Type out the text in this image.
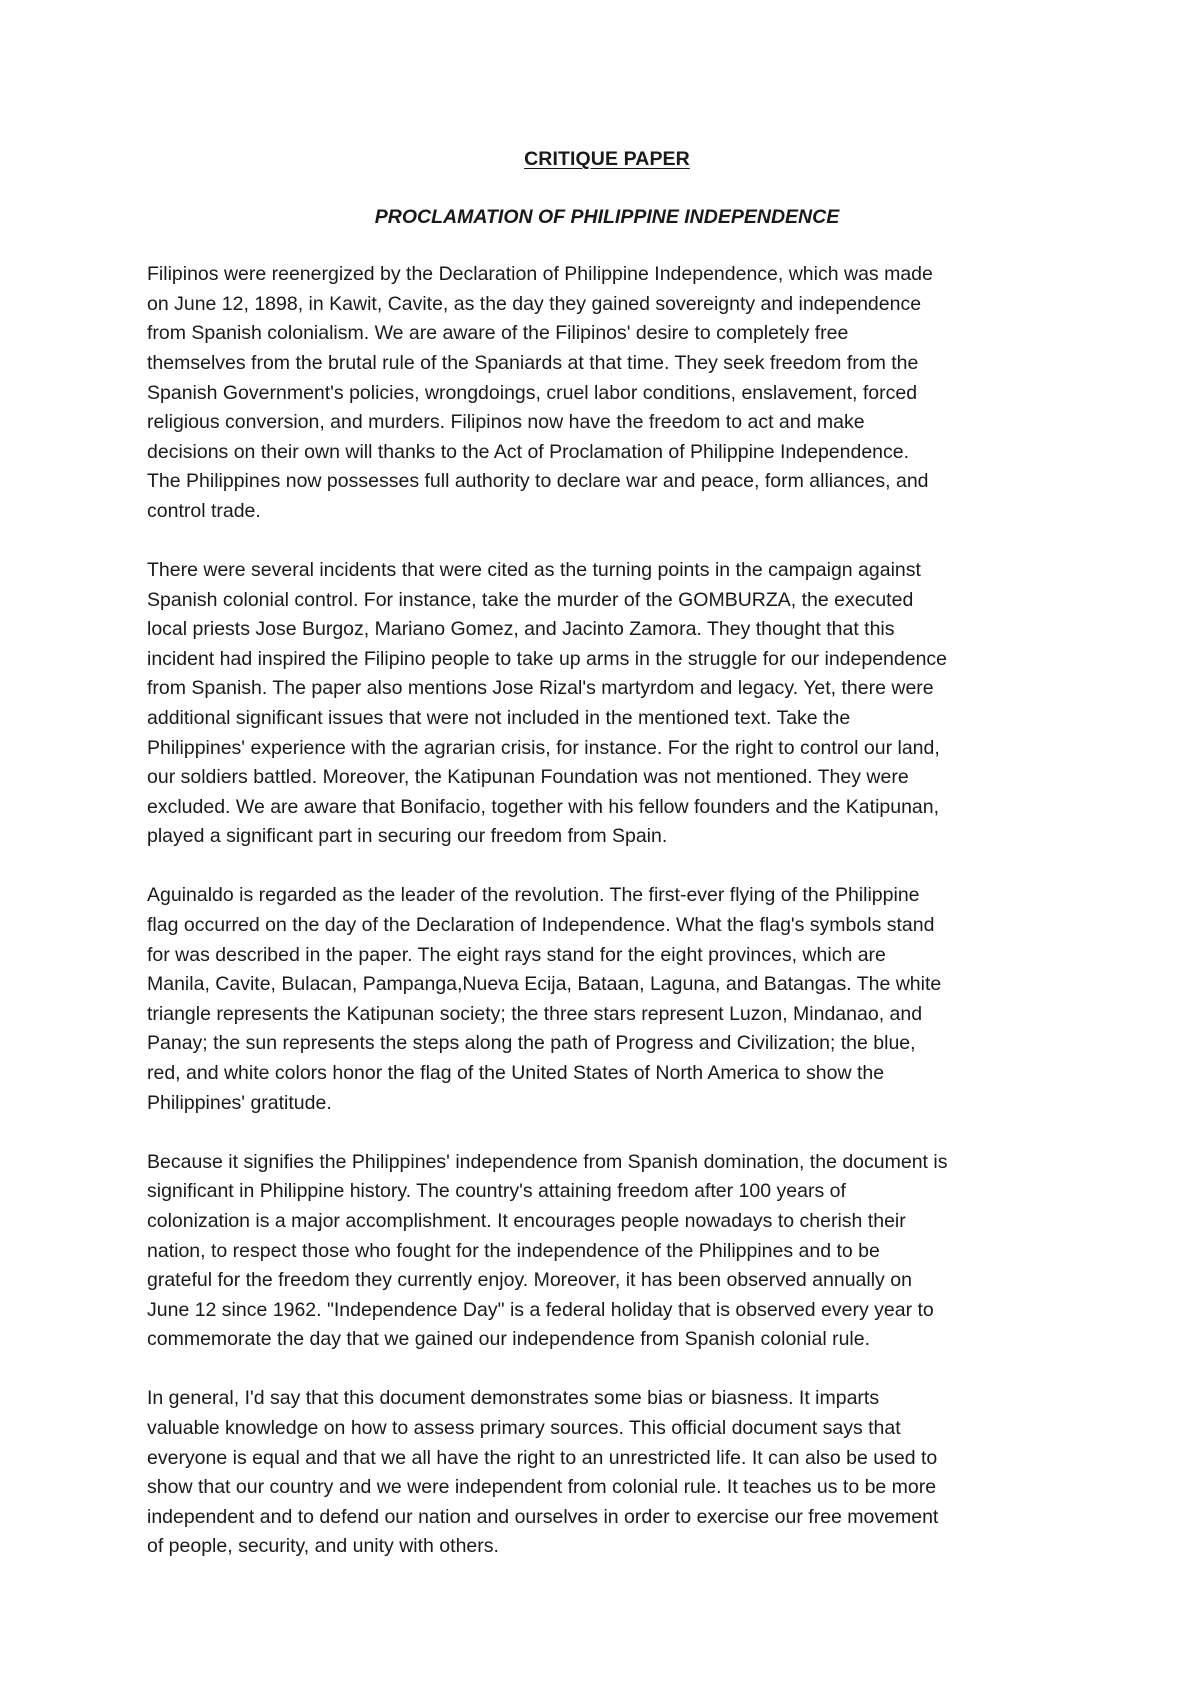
CRITIQUE PAPER
PROCLAMATION OF PHILIPPINE INDEPENDENCE

Filipinos were reenergized by the Declaration of Philippine Independence, which was made
on June 12, 1898, in Kawit, Cavite, as the day they gained sovereignty and independence
from Spanish colonialism. We are aware of the Filipinos' desire to completely free
themselves from the brutal rule of the Spaniards at that time. They seek freedom from the
Spanish Government's policies, wrongdoings, cruel labor conditions, enslavement, forced
religious conversion, and murders. Filipinos now have the freedom to act and make
decisions on their own will thanks to the Act of Proclamation of Philippine Independence.
The Philippines now possesses full authority to declare war and peace, form alliances, and
control trade.

There were several incidents that were cited as the turning points in the campaign against
Spanish colonial control. For instance, take the murder of the GOMBURZA, the executed
local priests Jose Burgoz, Mariano Gomez, and Jacinto Zamora. They thought that this
incident had inspired the Filipino people to take up arms in the struggle for our independence
from Spanish. The paper also mentions Jose Rizal's martyrdom and legacy. Yet, there were
additional significant issues that were not included in the mentioned text. Take the
Philippines' experience with the agrarian crisis, for instance. For the right to control our land,
our soldiers battled. Moreover, the Katipunan Foundation was not mentioned. They were
excluded. We are aware that Bonifacio, together with his fellow founders and the Katipunan,
played a significant part in securing our freedom from Spain.

Aguinaldo is regarded as the leader of the revolution. The first-ever flying of the Philippine
flag occurred on the day of the Declaration of Independence. What the flag's symbols stand
for was described in the paper. The eight rays stand for the eight provinces, which are
Manila, Cavite, Bulacan, Pampanga,Nueva Ecija, Bataan, Laguna, and Batangas. The white
triangle represents the Katipunan society; the three stars represent Luzon, Mindanao, and
Panay; the sun represents the steps along the path of Progress and Civilization; the blue,
red, and white colors honor the flag of the United States of North America to show the
Philippines' gratitude.

Because it signifies the Philippines' independence from Spanish domination, the document is
significant in Philippine history. The country's attaining freedom after 100 years of
colonization is a major accomplishment. It encourages people nowadays to cherish their
nation, to respect those who fought for the independence of the Philippines and to be
grateful for the freedom they currently enjoy. Moreover, it has been observed annually on
June 12 since 1962. "Independence Day" is a federal holiday that is observed every year to
commemorate the day that we gained our independence from Spanish colonial rule.

In general, I'd say that this document demonstrates some bias or biasness. It imparts
valuable knowledge on how to assess primary sources. This official document says that
everyone is equal and that we all have the right to an unrestricted life. It can also be used to
show that our country and we were independent from colonial rule. It teaches us to be more
independent and to defend our nation and ourselves in order to exercise our free movement
of people, security, and unity with others.
